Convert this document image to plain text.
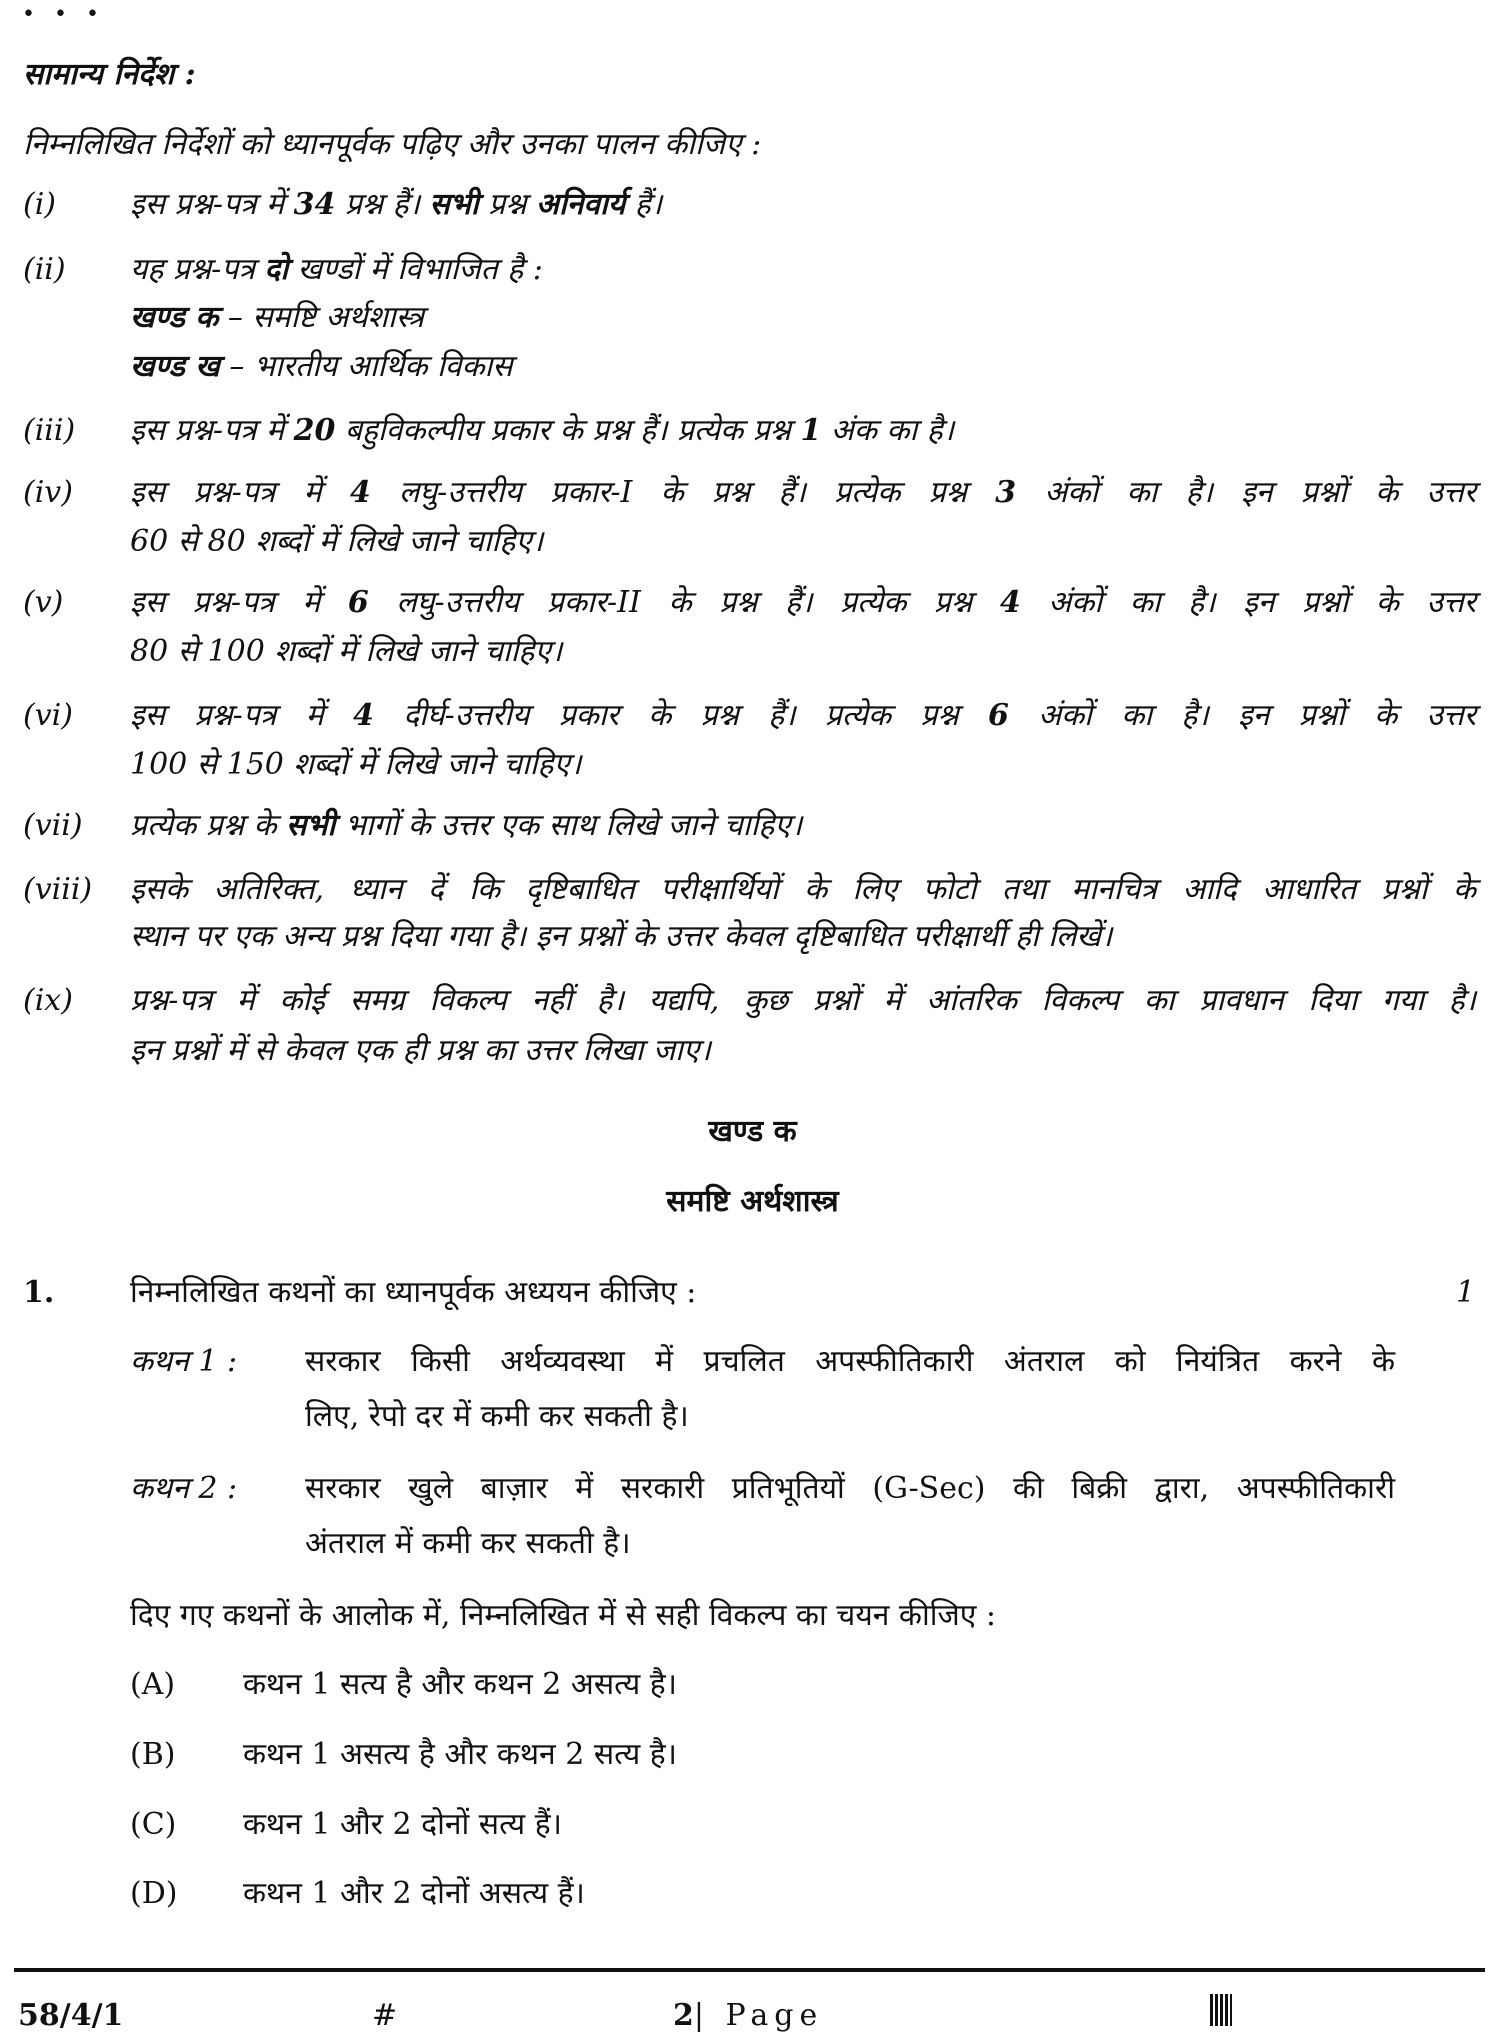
• • •
सामान्य निर्देश :
निम्नलिखित निर्देशों को ध्यानपूर्वक पढ़िए और उनका पालन कीजिए :
(i) इस प्रश्न-पत्र में 34 प्रश्न हैं। सभी प्रश्न अनिवार्य हैं।
(ii) यह प्रश्न-पत्र दो खण्डों में विभाजित है :
खण्ड क – समष्टि अर्थशास्त्र
खण्ड ख – भारतीय आर्थिक विकास
(iii) इस प्रश्न-पत्र में 20 बहुविकल्पीय प्रकार के प्रश्न हैं। प्रत्येक प्रश्न 1 अंक का है।
(iv) इस प्रश्न-पत्र में 4 लघु-उत्तरीय प्रकार-I के प्रश्न हैं। प्रत्येक प्रश्न 3 अंकों का है। इन प्रश्नों के उत्तर
60 से 80 शब्दों में लिखे जाने चाहिए।
(v) इस प्रश्न-पत्र में 6 लघु-उत्तरीय प्रकार-II के प्रश्न हैं। प्रत्येक प्रश्न 4 अंकों का है। इन प्रश्नों के उत्तर
80 से 100 शब्दों में लिखे जाने चाहिए।
(vi) इस प्रश्न-पत्र में 4 दीर्घ-उत्तरीय प्रकार के प्रश्न हैं। प्रत्येक प्रश्न 6 अंकों का है। इन प्रश्नों के उत्तर
100 से 150 शब्दों में लिखे जाने चाहिए।
(vii) प्रत्येक प्रश्न के सभी भागों के उत्तर एक साथ लिखे जाने चाहिए।
(viii) इसके अतिरिक्त, ध्यान दें कि दृष्टिबाधित परीक्षार्थियों के लिए फोटो तथा मानचित्र आदि आधारित प्रश्नों के
स्थान पर एक अन्य प्रश्न दिया गया है। इन प्रश्नों के उत्तर केवल दृष्टिबाधित परीक्षार्थी ही लिखें।
(ix) प्रश्न-पत्र में कोई समग्र विकल्प नहीं है। यद्यपि, कुछ प्रश्नों में आंतरिक विकल्प का प्रावधान दिया गया है।
इन प्रश्नों में से केवल एक ही प्रश्न का उत्तर लिखा जाए।
खण्ड क
समष्टि अर्थशास्त्र
1.	निम्नलिखित कथनों का ध्यानपूर्वक अध्ययन कीजिए :	1
कथन 1 : सरकार किसी अर्थव्यवस्था में प्रचलित अपस्फीतिकारी अंतराल को नियंत्रित करने के
लिए, रेपो दर में कमी कर सकती है।
कथन 2 : सरकार खुले बाज़ार में सरकारी प्रतिभूतियों (G-Sec) की बिक्री द्वारा, अपस्फीतिकारी
अंतराल में कमी कर सकती है।
दिए गए कथनों के आलोक में, निम्नलिखित में से सही विकल्प का चयन कीजिए :
(A) कथन 1 सत्य है और कथन 2 असत्य है।
(B) कथन 1 असत्य है और कथन 2 सत्य है।
(C) कथन 1 और 2 दोनों सत्य हैं।
(D) कथन 1 और 2 दोनों असत्य हैं।
58/4/1	#	2| Page
